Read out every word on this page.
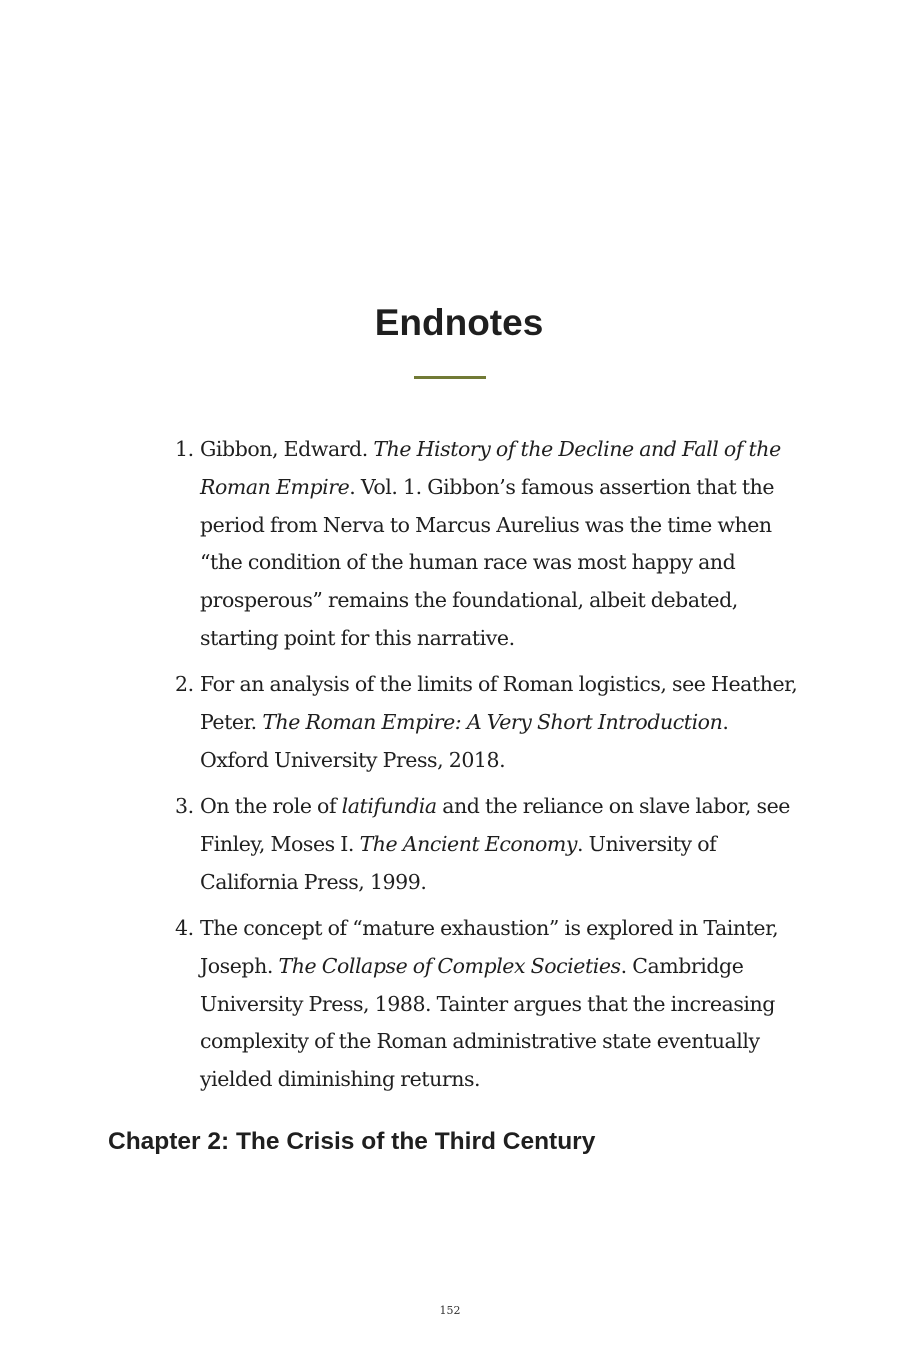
Endnotes
1. Gibbon, Edward. The History of the Decline and Fall of the Roman Empire. Vol. 1. Gibbon’s famous assertion that the period from Nerva to Marcus Aurelius was the time when “the condition of the human race was most happy and prosperous” remains the foundational, albeit debated, starting point for this narrative.
2. For an analysis of the limits of Roman logistics, see Heather, Peter. The Roman Empire: A Very Short Introduction. Oxford University Press, 2018.
3. On the role of latifundia and the reliance on slave labor, see Finley, Moses I. The Ancient Economy. University of California Press, 1999.
4. The concept of “mature exhaustion” is explored in Tainter, Joseph. The Collapse of Complex Societies. Cambridge University Press, 1988. Tainter argues that the increasing complexity of the Roman administrative state eventually yielded diminishing returns.
Chapter 2: The Crisis of the Third Century
152
